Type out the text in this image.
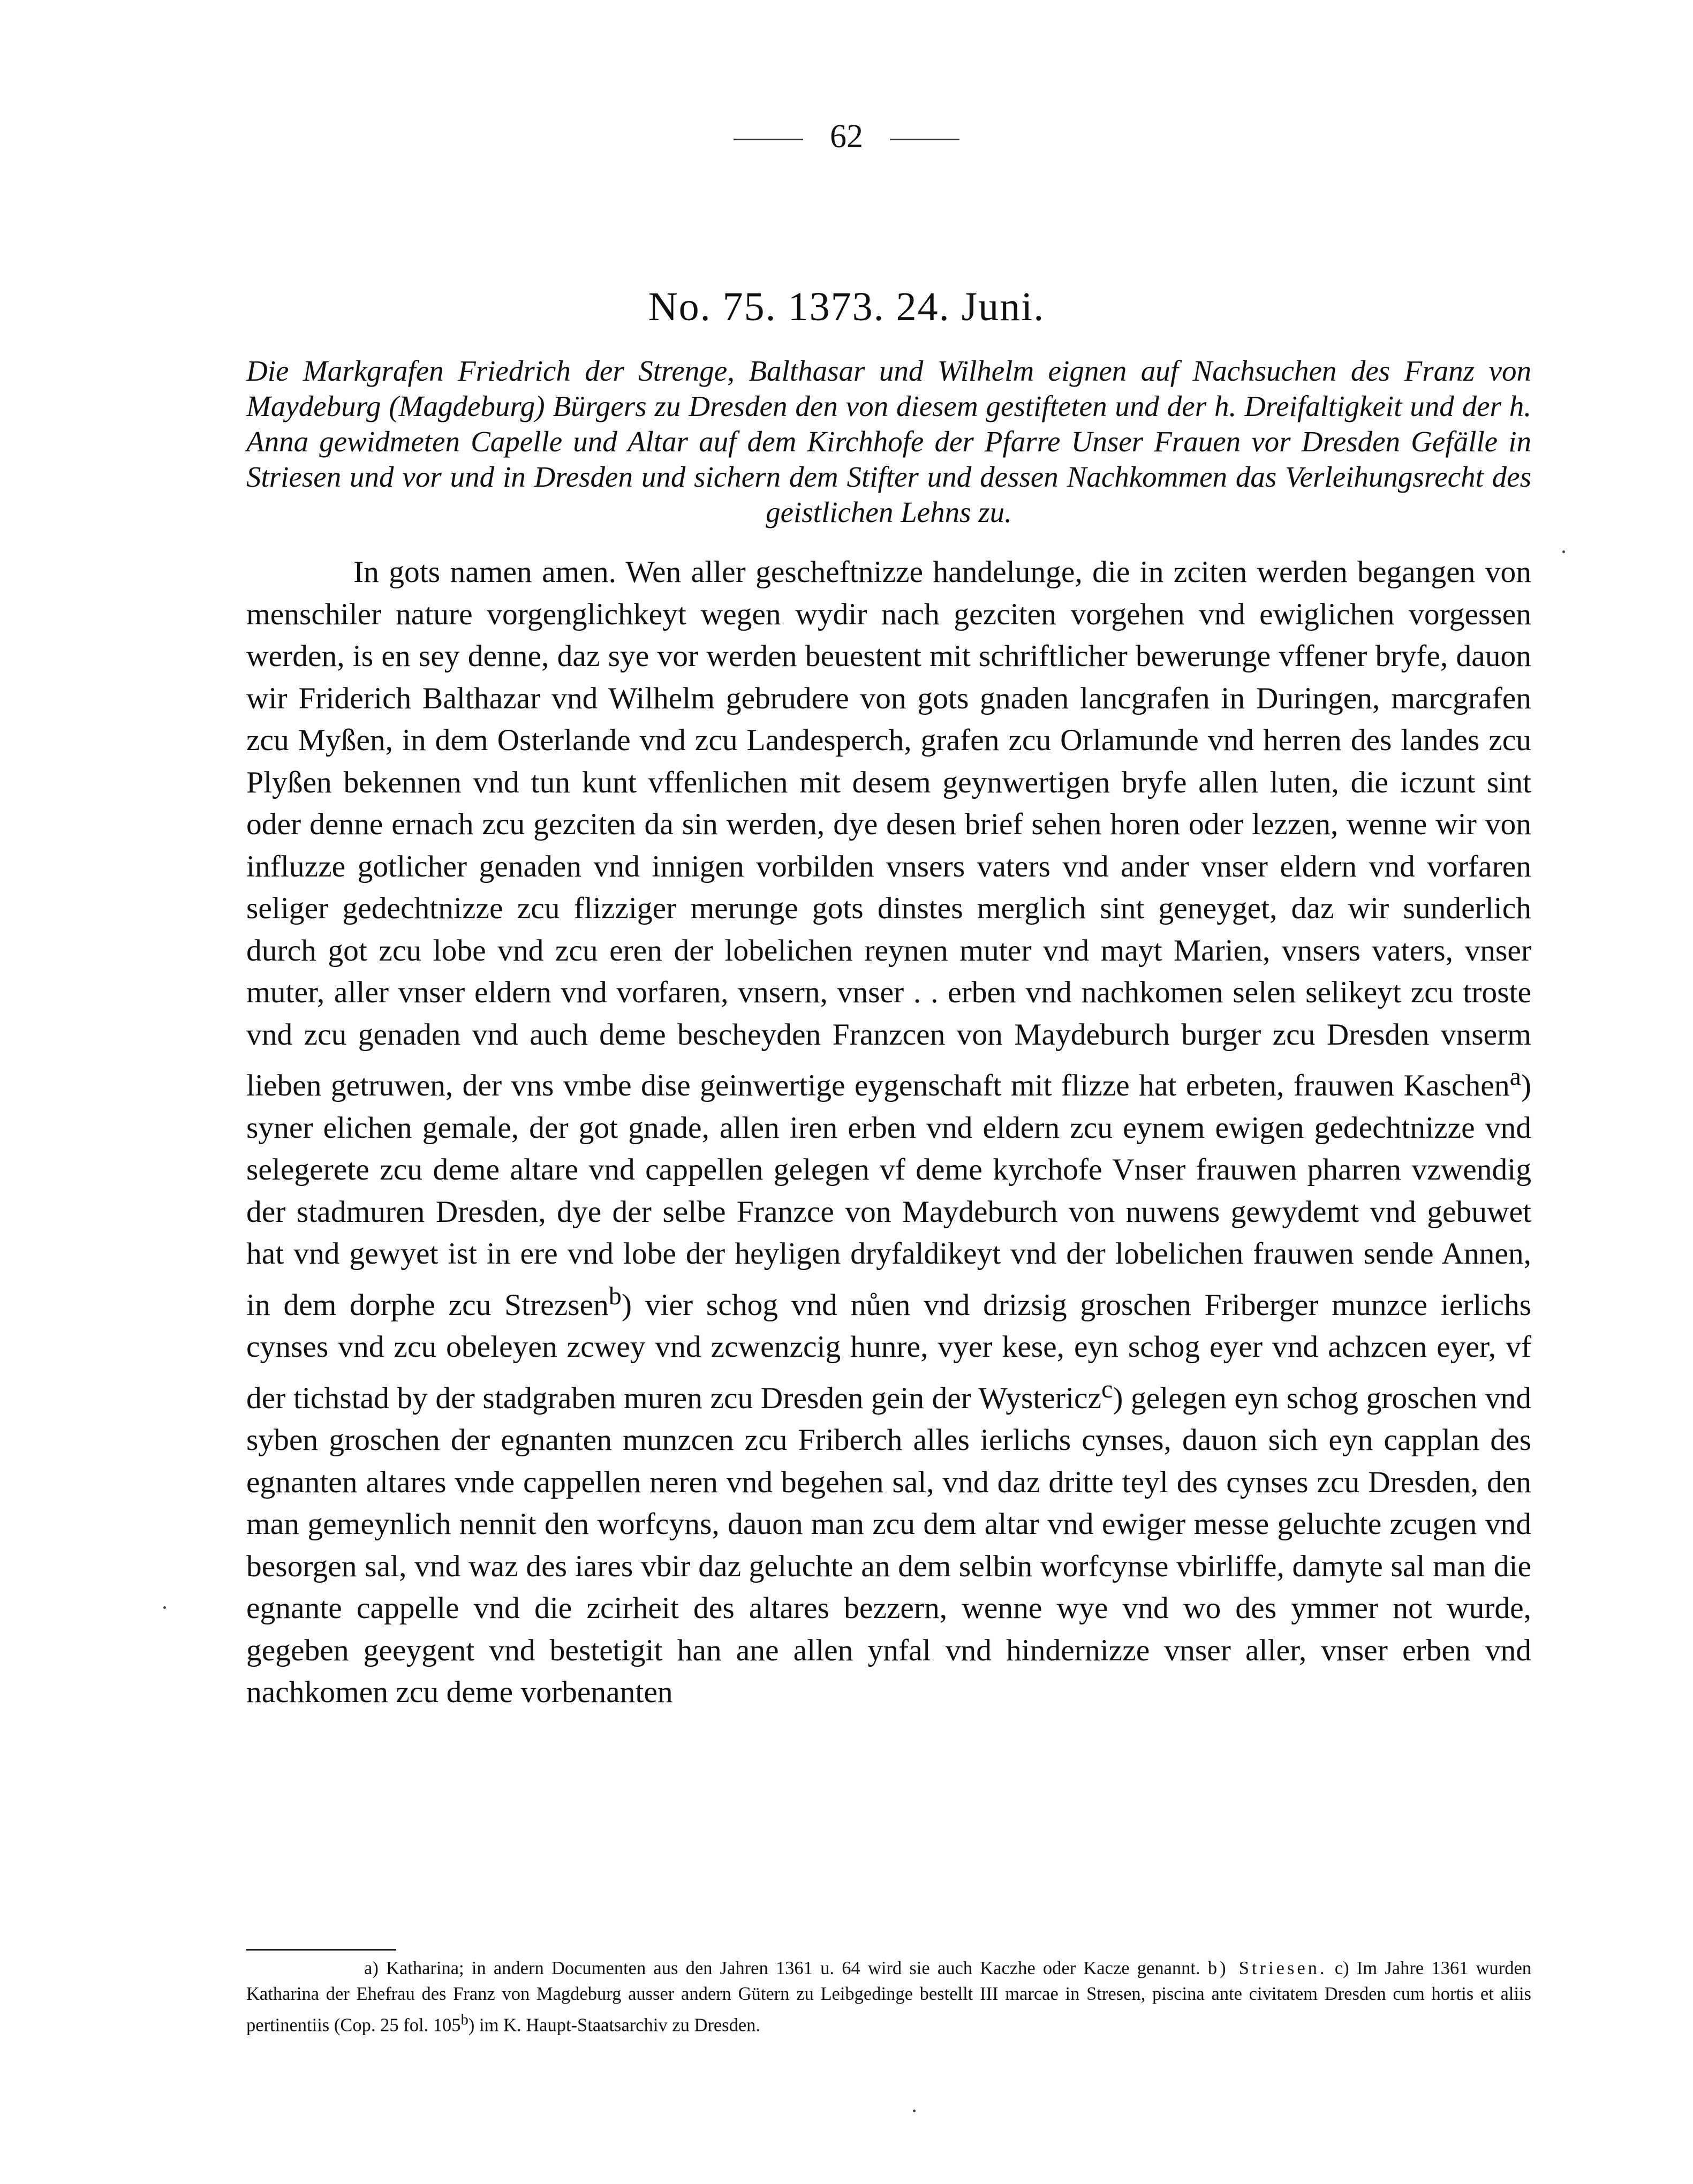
62
No. 75. 1373. 24. Juni.
Die Markgrafen Friedrich der Strenge, Balthasar und Wilhelm eignen auf Nachsuchen des Franz von Maydeburg (Magdeburg) Bürgers zu Dresden den von diesem gestifteten und der h. Dreifaltigkeit und der h. Anna gewidmeten Capelle und Altar auf dem Kirchhofe der Pfarre Unser Frauen vor Dresden Gefälle in Striesen und vor und in Dresden und sichern dem Stifter und dessen Nachkommen das Verleihungsrecht des geistlichen Lehns zu.

In gots namen amen. Wen aller gescheftnizze handelunge, die in zciten werden begangen von menschiler nature vorgenglichkeyt wegen wydir nach gezciten vorgehen vnd ewiglichen vorgessen werden, is en sey denne, daz sye vor werden beuestent mit schriftlicher bewerunge vffener bryfe, dauon wir Friderich Balthazar vnd Wilhelm gebrudere von gots gnaden lancgrafen in Duringen, marcgrafen zcu Myßen, in dem Osterlande vnd zcu Landesperch, grafen zcu Orlamunde vnd herren des landes zcu Plyßen bekennen vnd tun kunt vffenlichen mit desem geynwertigen bryfe allen luten, die iczunt sint oder denne ernach zcu gezciten da sin werden, dye desen brief sehen horen oder lezzen, wenne wir von influzze gotlicher genaden vnd innigen vorbilden vnsers vaters vnd ander vnser eldern vnd vorfaren seliger gedechtnizze zcu flizziger merunge gots dinstes merglich sint geneyget, daz wir sunderlich durch got zcu lobe vnd zcu eren der lobelichen reynen muter vnd mayt Marien, vnsers vaters, vnser muter, aller vnser eldern vnd vorfaren, vnsern, vnser . . erben vnd nachkomen selen selikeyt zcu troste vnd zcu genaden vnd auch deme bescheyden Franzcen von Maydeburch burger zcu Dresden vnserm lieben getruwen, der vns vmbe dise geinwertige eygenschaft mit flizze hat erbeten, frauwen Kaschen$^a$) syner elichen gemale, der got gnade, allen iren erben vnd eldern zcu eynem ewigen gedechtnizze vnd selegerete zcu deme altare vnd cappellen gelegen vf deme kyrchofe Vnser frauwen pharren vzwendig der stadmuren Dresden, dye der selbe Franzce von Maydeburch von nuwens gewydemt vnd gebuwet hat vnd gewyet ist in ere vnd lobe der heyligen dryfaldikeyt vnd der lobelichen frauwen sende Annen, in dem dorphe zcu Strezsen$^b$) vier schog vnd nůen vnd drizsig groschen Friberger munzce ierlichs cynses vnd zcu obeleyen zcwey vnd zcwenzcig hunre, vyer kese, eyn schog eyer vnd achzcen eyer, vf der tichstad by der stadgraben muren zcu Dresden gein der Wystericz$^c$) gelegen eyn schog groschen vnd syben groschen der egnanten munzcen zcu Friberch alles ierlichs cynses, dauon sich eyn capplan des egnanten altares vnde cappellen neren vnd begehen sal, vnd daz dritte teyl des cynses zcu Dresden, den man gemeynlich nennit den worfcyns, dauon man zcu dem altar vnd ewiger messe geluchte zcugen vnd besorgen sal, vnd waz des iares vbir daz geluchte an dem selbin worfcynse vbirliffe, damyte sal man die egnante cappelle vnd die zcirheit des altares bezzern, wenne wye vnd wo des ymmer not wurde, gegeben geeygent vnd bestetigit han ane allen ynfal vnd hindernizze vnser aller, vnser erben vnd nachkomen zcu deme vorbenanten

a) Katharina; in andern Documenten aus den Jahren 1361 u. 64 wird sie auch Kaczhe oder Kacze genannt. b) Striesen. c) Im Jahre 1361 wurden Katharina der Ehefrau des Franz von Magdeburg ausser andern Gütern zu Leibgedinge bestellt III marcae in Stresen, piscina ante civitatem Dresden cum hortis et aliis pertinentiis (Cop. 25 fol. 105$^b$) im K. Haupt-Staatsarchiv zu Dresden.
